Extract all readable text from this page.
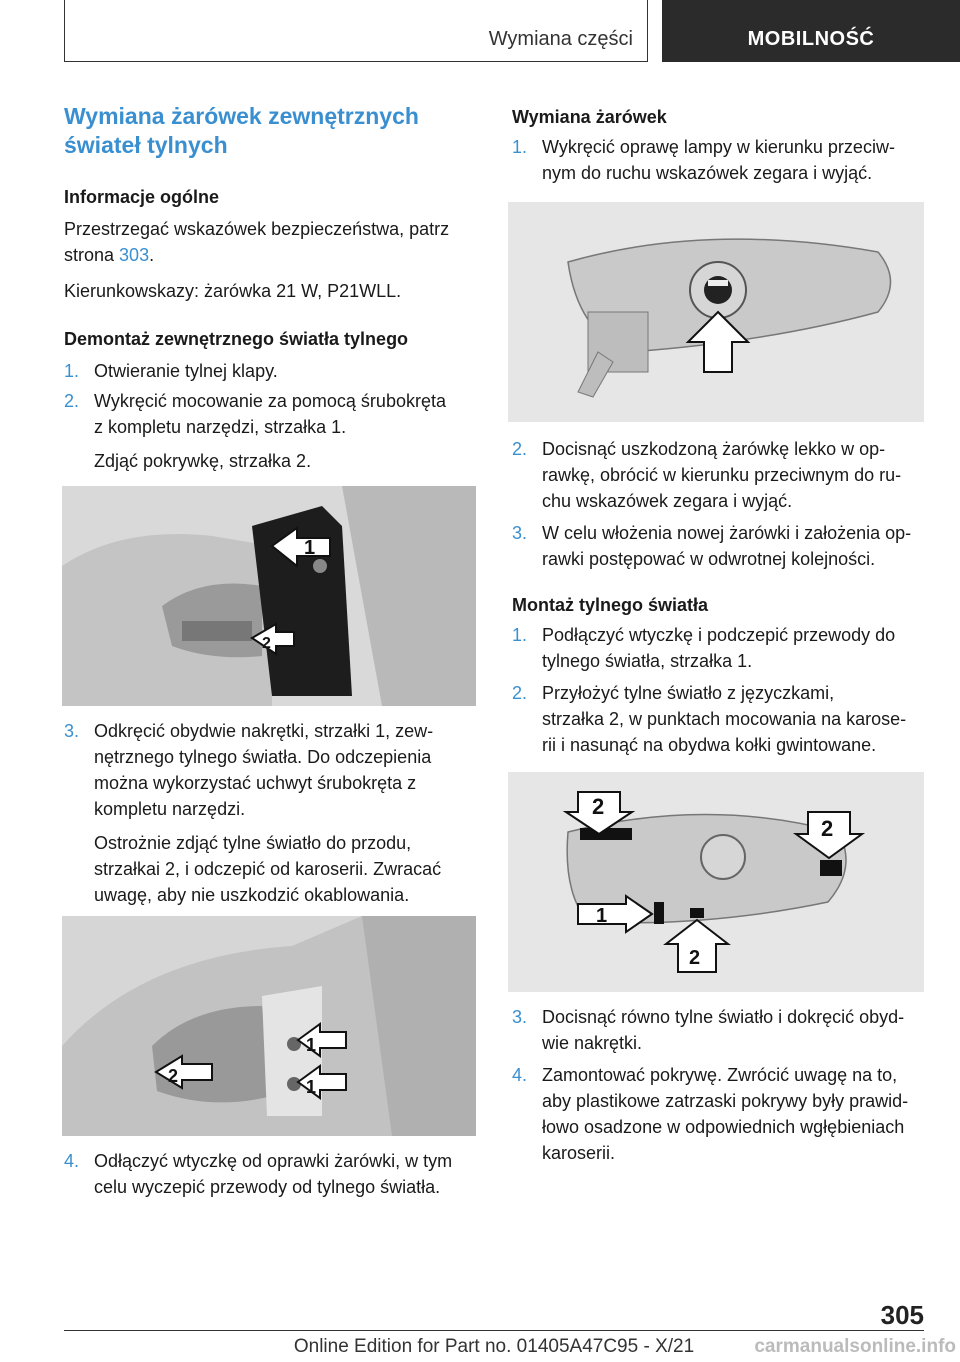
Wymiana części	MOBILNOŚĆ

Wymiana żarówek zewnętrznych

świateł tylnych

Informacje ogólne

Przestrzegać wskazówek bezpieczeństwa, patrz

strona 303.

Kierunkowskazy: żarówka 21 W, P21WLL.

Demontaż zewnętrznego światła tylnego

1. Otwieranie tylnej klapy.

2. Wykręcić mocowanie za pomocą śrubokręta

z kompletu narzędzi, strzałka 1.

Zdjąć pokrywkę, strzałka 2.

1
2
3. Odkręcić obydwie nakrętki, strzałki 1, zew-

nętrznego tylnego światła. Do odczepienia

można wykorzystać uchwyt śrubokręta z

kompletu narzędzi.

Ostrożnie zdjąć tylne światło do przodu,

strzałkai 2, i odczepić od karoserii. Zwracać

uwagę, aby nie uszkodzić okablowania.

1
1
2
4. Odłączyć wtyczkę od oprawki żarówki, w tym

celu wyczepić przewody od tylnego światła.

Wymiana żarówek

1. Wykręcić oprawę lampy w kierunku przeciw-

nym do ruchu wskazówek zegara i wyjąć.

2. Docisnąć uszkodzoną żarówkę lekko w op-

rawkę, obrócić w kierunku przeciwnym do ru-

chu wskazówek zegara i wyjąć.

3. W celu włożenia nowej żarówki i założenia op-

rawki postępować w odwrotnej kolejności.

Montaż tylnego światła

1. Podłączyć wtyczkę i podczepić przewody do

tylnego światła, strzałka 1.

2. Przyłożyć tylne światło z języczkami,

strzałka 2, w punktach mocowania na karose-

rii i nasunąć na obydwa kołki gwintowane.

2
2
1
2
3. Docisnąć równo tylne światło i dokręcić obyd-

wie nakrętki.

4. Zamontować pokrywę. Zwrócić uwagę na to,

aby plastikowe zatrzaski pokrywy były prawid-

łowo osadzone w odpowiednich wgłębieniach

karoserii.

305
Online Edition for Part no. 01405A47C95 - X/21	carmanualsonline.info
